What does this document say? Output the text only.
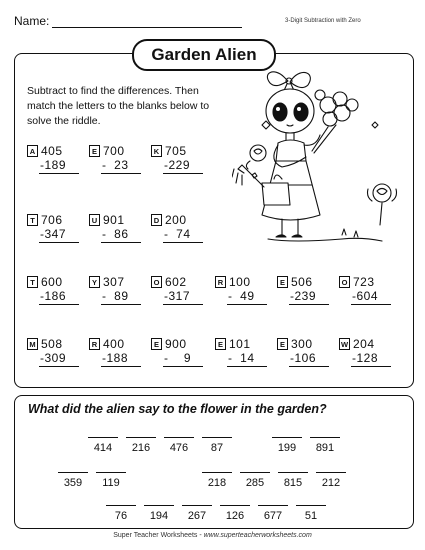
Name:	3-Digit Subtraction with Zero
Garden Alien
Subtract to find the differences. Then match the letters to the blanks below to solve the riddle.
A 405
-189
E 700
-  23
K 705
-229
T 706
-347
U 901
-  86
D 200
-  74
T 600
-186
Y 307
-  89
O 602
-317
R 100
-  49
E 506
-239
O 723
-604
M 508
-309
R 400
-188
E 900
-    9
E 101
-  14
E 300
-106
W 204
-128
What did the alien say to the flower in the garden?
414	216	476	87	199	891
359	119	218	285	815	212
76	194	267	126	677	51
Super Teacher Worksheets - www.superteacherworksheets.com
